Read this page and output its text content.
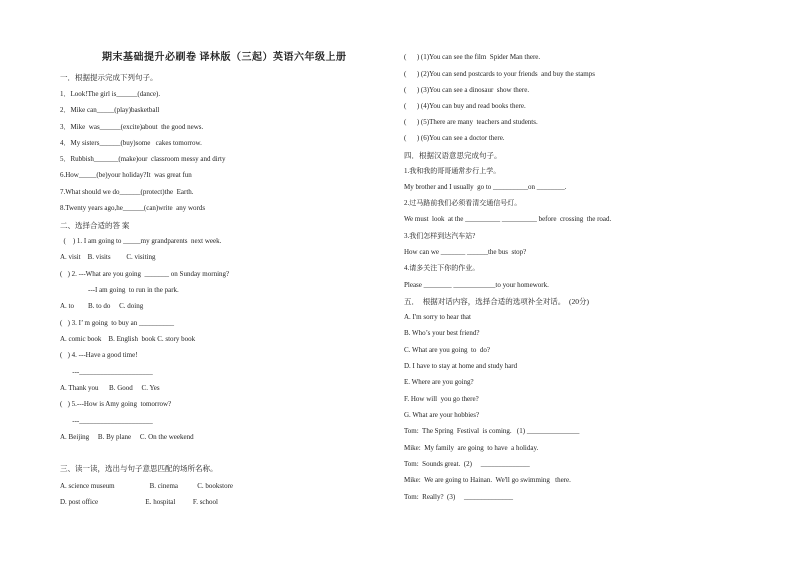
期末基础提升必刷卷 译林版（三起）英语六年级上册
一．根据提示完成下列句子。
1．Look!The girl is______(dance).
2．Mike can_____(play)basketball
3．Mike  was______(excite)about  the good news.
4．My sisters______(buy)some   cakes tomorrow.
5．Rubbish_______(make)our  classroom messy and dirty
6.How_____(be)your holiday?It  was great fun
7.What should we do______(protect)the  Earth.
8.Twenty years ago,he______(can)write  any words
二、选择合适的答 案
(    ) 1. I am going to _____my grandparents  next week.
A. visit    B. visits         C. visiting
(   ) 2. ---What are you going  _______ on Sunday morning?
---I am going  to run in the park.
A. to        B. to do     C. doing
(   ) 3. I’ m going  to buy an __________
A. comic book    B. English  book C. story book
(   ) 4. ---Have a good time!
---_____________________
A. Thank you      B. Good     C. Yes
(   ) 5.---How is Amy going  tomorrow?
---_____________________
A. Beijing     B. By plane     C. On the weekend
三、读一读，选出与句子意思匹配的场所名称。
A. science museum                    B. cinema           C. bookstore
D. post office                           E. hospital          F. school
(      ) (1)You can see the film  Spider Man there.
(      ) (2)You can send postcards to your friends  and buy the stamps
(      ) (3)You can see a dinosaur  show there.
(      ) (4)You can buy and read books there.
(      ) (5)There are many  teachers and students.
(      ) (6)You can see a doctor there.
四．根据汉语意思完成句子。
1.我和我的哥哥通常步行上学。
My brother and I usually  go to __________on ________.
2.过马路前我们必须看清交通信号灯。
We must  look  at the __________ __________ before  crossing  the road.
3.我们怎样到达汽车站?
How can we _______ ______the bus  stop?
4.请多关注下你的作业。
Please ________ ____________to your homework.
五．  根据对话内容，选择合适的选项补全对话。  (20分)
A. I'm sorry to hear that
B. Who’s your best friend?
C. What are you going  to  do?
D. I have to stay at home and study hard
E. Where are you going?
F. How will  you go there?
G. What are your hobbies?
Tom:  The Spring  Festival  is coming.   (1) _______________
Mike:  My family  are going  to have  a holiday.
Tom:  Sounds great.  (2)     ______________
Mike:  We are going to Hainan.  We'll go swimming   there.
Tom:  Really?  (3)     ______________
